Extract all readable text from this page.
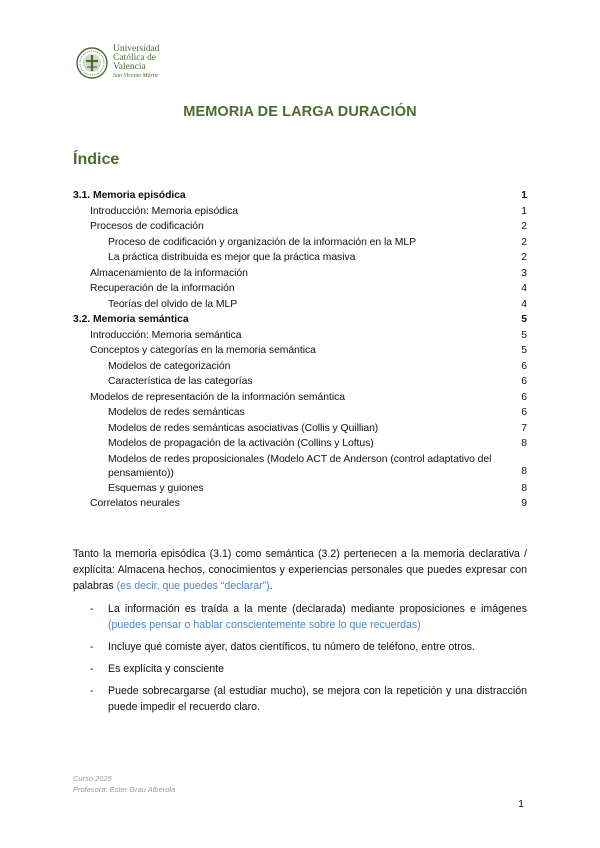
Universidad
Católica de
Valencia
San Vicente Mártir
MEMORIA DE LARGA DURACIÓN
Índice
3.1. Memoria episódica	1
Introducción: Memoria episódica	1
Procesos de codificación	2
Proceso de codificación y organización de la información en la MLP	2
La práctica distribuida es mejor que la práctica masiva	2
Almacenamiento de la información	3
Recuperación de la información	4
Teorías del olvido de la MLP	4
3.2. Memoria semántica	5
Introducción: Memoria semántica	5
Conceptos y categorías en la memoria semántica	5
Modelos de categorización	6
Característica de las categorías	6
Modelos de representación de la información semántica	6
Modelos de redes semánticas	6
Modelos de redes semánticas asociativas (Collis y Quillian)	7
Modelos de propagación de la activación (Collins y Loftus)	8
Modelos de redes proposicionales (Modelo ACT de Anderson (control adaptativo del pensamiento))	8
Esquemas y guiones	8
Correlatos neurales	9
Tanto la memoria episódica (3.1) como semántica (3.2) pertenecen a la memoria declarativa / explícita: Almacena hechos, conocimientos y experiencias personales que puedes expresar con palabras (es decir, que puedes “declarar”).
- La información es traída a la mente (declarada) mediante proposiciones e imágenes (puedes pensar o hablar conscientemente sobre lo que recuerdas)
- Incluye qué comiste ayer, datos científicos, tu número de teléfono, entre otros.
- Es explícita y consciente
- Puede sobrecargarse (al estudiar mucho), se mejora con la repetición y una distracción puede impedir el recuerdo claro.
Curso 2025
Profesora: Ester Grau Alberola
1
